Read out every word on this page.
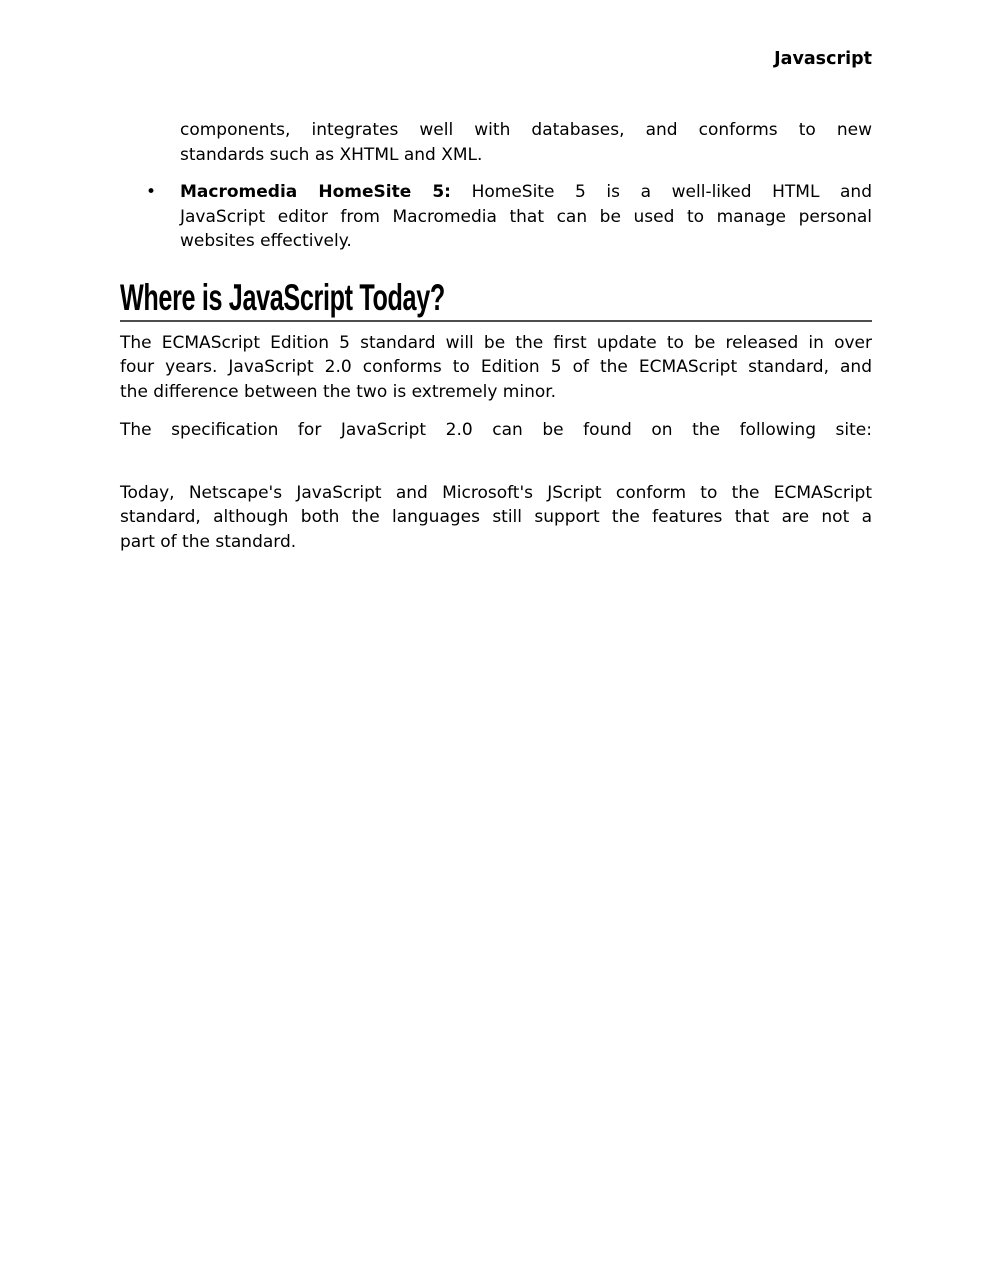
Javascript
components, integrates well with databases, and conforms to new
standards such as XHTML and XML.
• Macromedia HomeSite 5: HomeSite 5 is a well-liked HTML and
JavaScript editor from Macromedia that can be used to manage personal
websites effectively.
Where is JavaScript Today?
The ECMAScript Edition 5 standard will be the first update to be released in over
four years. JavaScript 2.0 conforms to Edition 5 of the ECMAScript standard, and
the difference between the two is extremely minor.
The specification for JavaScript 2.0 can be found on the following site:
Today, Netscape's JavaScript and Microsoft's JScript conform to the ECMAScript
standard, although both the languages still support the features that are not a
part of the standard.
